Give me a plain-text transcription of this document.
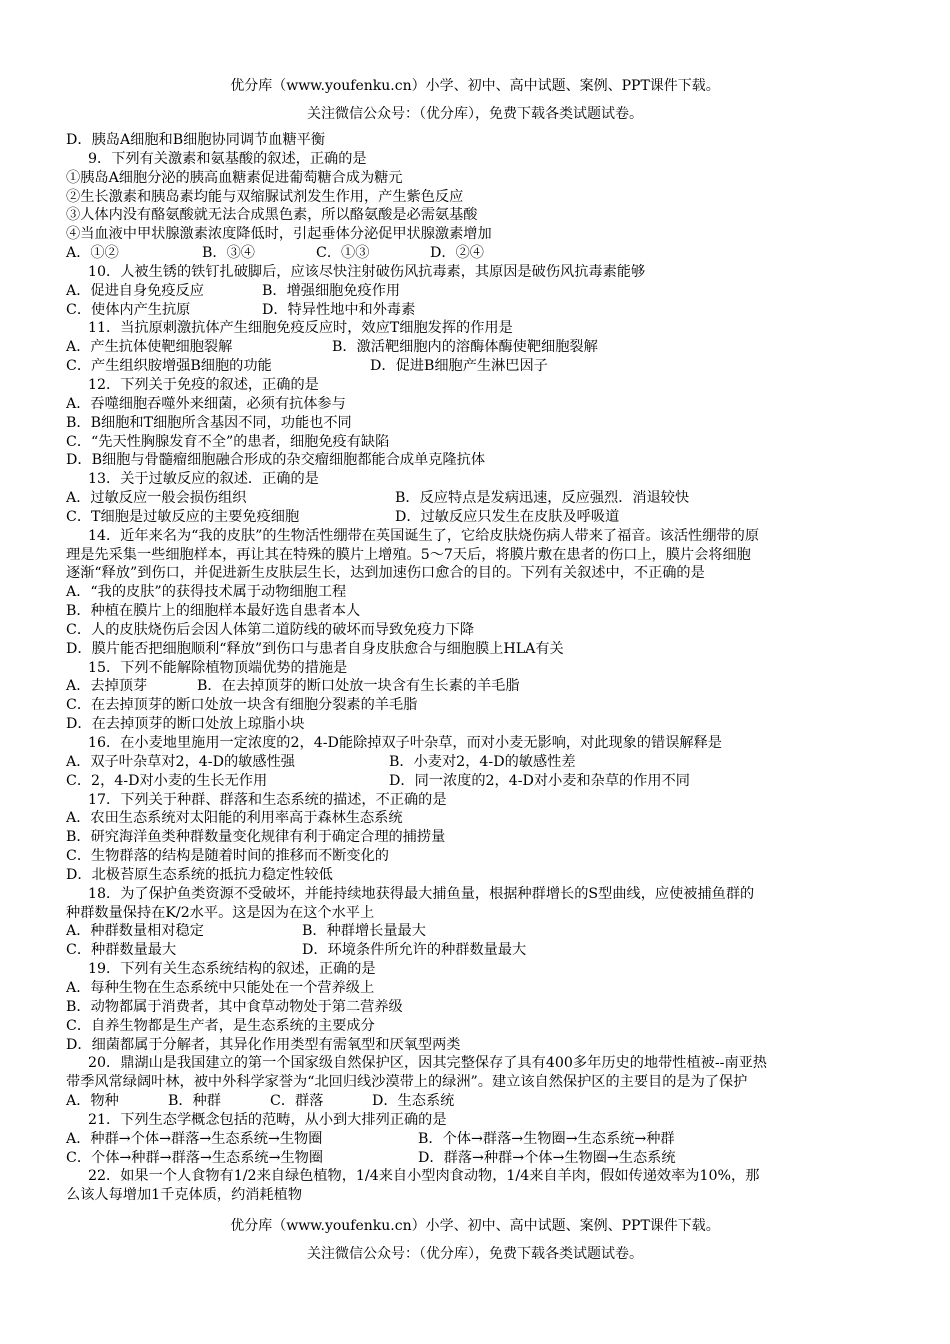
优分库（www.youfenku.cn）小学、初中、高中试题、案例、PPT课件下载。
关注微信公众号：（优分库），免费下载各类试题试卷。
D．胰岛A细胞和B细胞协同调节血糖平衡
9．下列有关激素和氨基酸的叙述，正确的是
①胰岛A细胞分泌的胰高血糖素促进葡萄糖合成为糖元
②生长激素和胰岛素均能与双缩脲试剂发生作用，产生紫色反应
③人体内没有酪氨酸就无法合成黑色素，所以酪氨酸是必需氨基酸
④当血液中甲状腺激素浓度降低时，引起垂体分泌促甲状腺激素增加
A．①②	B．③④	C．①③	D．②④
10．人被生锈的铁钉扎破脚后，应该尽快注射破伤风抗毒素，其原因是破伤风抗毒素能够
A．促进自身免疫反应	B．增强细胞免疫作用
C．使体内产生抗原	D．特异性地中和外毒素
11．当抗原刺激抗体产生细胞免疫反应时，效应T细胞发挥的作用是
A．产生抗体使靶细胞裂解	B．激活靶细胞内的溶酶体酶使靶细胞裂解
C．产生组织胺增强B细胞的功能	D．促进B细胞产生淋巴因子
12．下列关于免疫的叙述，正确的是
A．吞噬细胞吞噬外来细菌，必须有抗体参与
B．B细胞和T细胞所含基因不同，功能也不同
C．“先天性胸腺发育不全”的患者，细胞免疫有缺陷
D．B细胞与骨髓瘤细胞融合形成的杂交瘤细胞都能合成单克隆抗体
13．关于过敏反应的叙述．正确的是
A．过敏反应一般会损伤组织	B．反应特点是发病迅速，反应强烈．消退较快
C．T细胞是过敏反应的主要免疫细胞	D．过敏反应只发生在皮肤及呼吸道
14．近年来名为“我的皮肤”的生物活性绷带在英国诞生了，它给皮肤烧伤病人带来了福音。该活性绷带的原
理是先采集一些细胞样本，再让其在特殊的膜片上增殖。5～7天后，将膜片敷在患者的伤口上，膜片会将细胞
逐渐“释放”到伤口，并促进新生皮肤层生长，达到加速伤口愈合的目的。下列有关叙述中，不正确的是
A．“我的皮肤”的获得技术属于动物细胞工程
B．种植在膜片上的细胞样本最好选自患者本人
C．人的皮肤烧伤后会因人体第二道防线的破坏而导致免疫力下降
D．膜片能否把细胞顺利“释放”到伤口与患者自身皮肤愈合与细胞膜上HLA有关
15．下列不能解除植物顶端优势的措施是
A．去掉顶芽	B．在去掉顶芽的断口处放一块含有生长素的羊毛脂
C．在去掉顶芽的断口处放一块含有细胞分裂素的羊毛脂
D．在去掉顶芽的断口处放上琼脂小块
16．在小麦地里施用一定浓度的2，4-D能除掉双子叶杂草，而对小麦无影响，对此现象的错误解释是
A．双子叶杂草对2，4-D的敏感性强	B．小麦对2，4-D的敏感性差
C．2，4-D对小麦的生长无作用	D．同一浓度的2，4-D对小麦和杂草的作用不同
17．下列关于种群、群落和生态系统的描述，不正确的是
A．农田生态系统对太阳能的利用率高于森林生态系统
B．研究海洋鱼类种群数量变化规律有利于确定合理的捕捞量
C．生物群落的结构是随着时间的推移而不断变化的
D．北极苔原生态系统的抵抗力稳定性较低
18．为了保护鱼类资源不受破坏，并能持续地获得最大捕鱼量，根据种群增长的S型曲线，应使被捕鱼群的
种群数量保持在K/2水平。这是因为在这个水平上
A．种群数量相对稳定	B．种群增长量最大
C．种群数量最大	D．环境条件所允许的种群数量最大
19．下列有关生态系统结构的叙述，正确的是
A．每种生物在生态系统中只能处在一个营养级上
B．动物都属于消费者，其中食草动物处于第二营养级
C．自养生物都是生产者，是生态系统的主要成分
D．细菌都属于分解者，其异化作用类型有需氧型和厌氧型两类
20．鼎湖山是我国建立的第一个国家级自然保护区，因其完整保存了具有400多年历史的地带性植被--南亚热
带季风常绿阔叶林，被中外科学家誉为“北回归线沙漠带上的绿洲”。建立该自然保护区的主要目的是为了保护
A．物种	B．种群	C．群落	D．生态系统
21．下列生态学概念包括的范畴，从小到大排列正确的是
A．种群→个体→群落→生态系统→生物圈	B．个体→群落→生物圈→生态系统→种群
C．个体→种群→群落→生态系统→生物圈	D．群落→种群→个体→生物圈→生态系统
22．如果一个人食物有1/2来自绿色植物，1/4来自小型肉食动物，1/4来自羊肉，假如传递效率为10%，那
么该人每增加1千克体质，约消耗植物
优分库（www.youfenku.cn）小学、初中、高中试题、案例、PPT课件下载。
关注微信公众号：（优分库），免费下载各类试题试卷。
